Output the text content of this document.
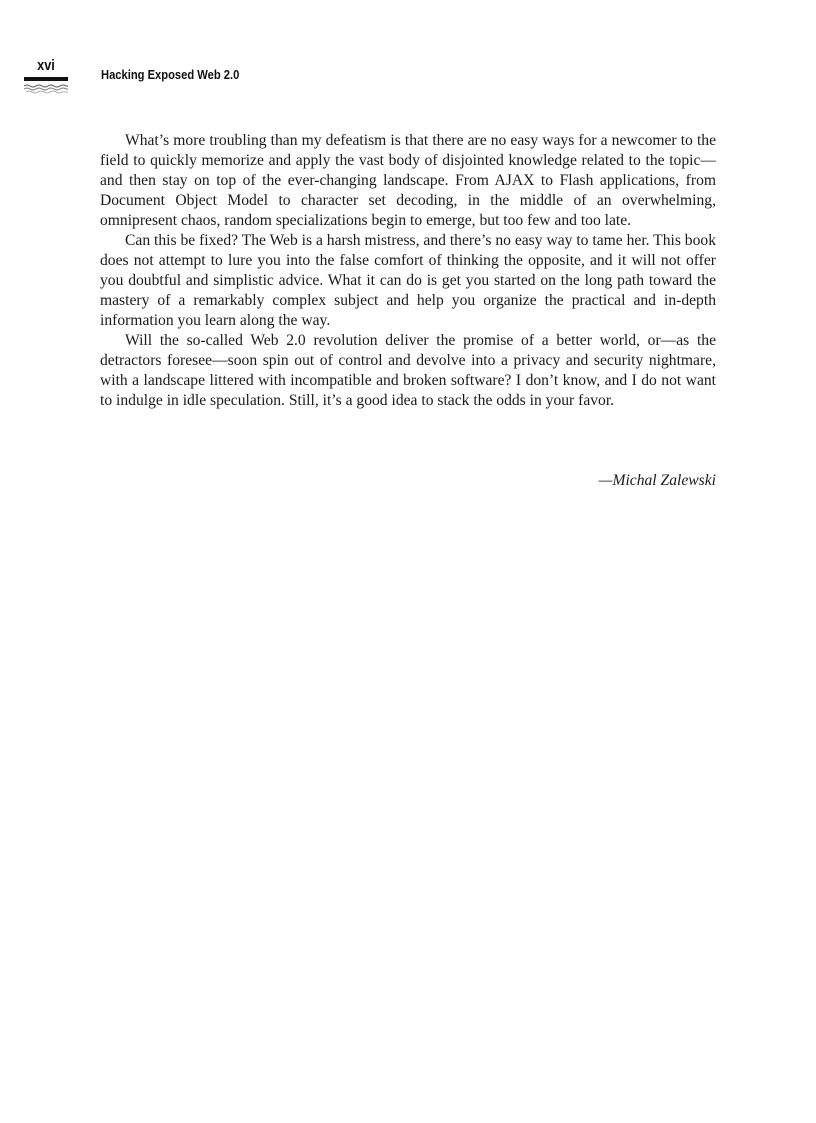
xvi
Hacking Exposed Web 2.0

What’s more troubling than my defeatism is that there are no easy ways for a newcomer to the field to quickly memorize and apply the vast body of disjointed knowledge related to the topic—and then stay on top of the ever-changing landscape. From AJAX to Flash applications, from Document Object Model to character set decoding, in the middle of an overwhelming, omnipresent chaos, random specializations begin to emerge, but too few and too late.

Can this be fixed? The Web is a harsh mistress, and there’s no easy way to tame her. This book does not attempt to lure you into the false comfort of thinking the opposite, and it will not offer you doubtful and simplistic advice. What it can do is get you started on the long path toward the mastery of a remarkably complex subject and help you organize the practical and in-depth information you learn along the way.

Will the so-called Web 2.0 revolution deliver the promise of a better world, or—as the detractors foresee—soon spin out of control and devolve into a privacy and security nightmare, with a landscape littered with incompatible and broken software? I don’t know, and I do not want to indulge in idle speculation. Still, it’s a good idea to stack the odds in your favor.

—Michal Zalewski
